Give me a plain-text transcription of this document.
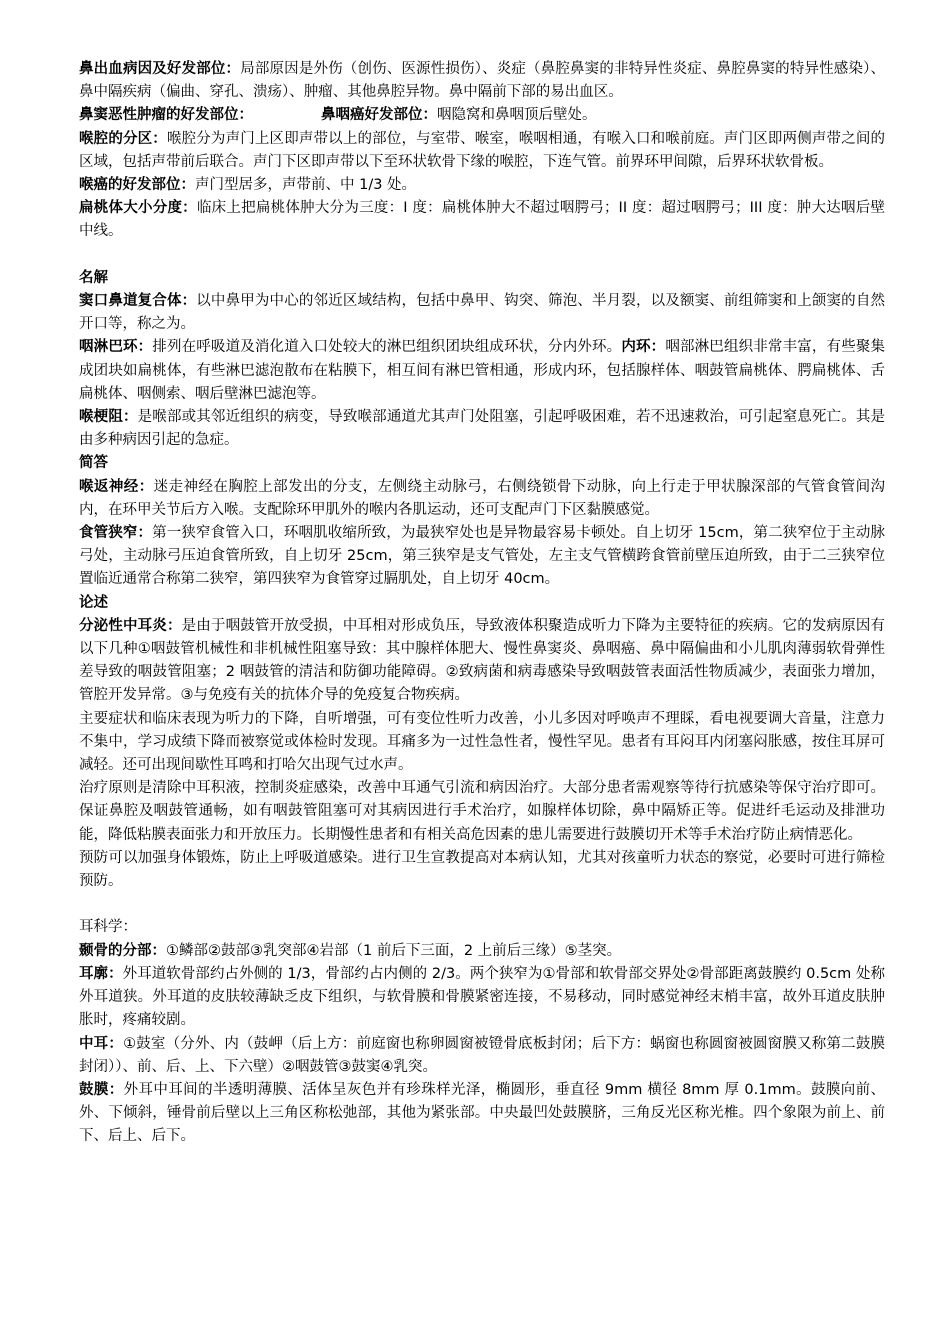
鼻出血病因及好发部位：局部原因是外伤（创伤、医源性损伤）、炎症（鼻腔鼻窦的非特异性炎症、鼻腔鼻窦的特异性感染）、鼻中隔疾病（偏曲、穿孔、溃疡）、肿瘤、其他鼻腔异物。鼻中隔前下部的易出血区。

鼻窦恶性肿瘤的好发部位：	鼻咽癌好发部位：咽隐窝和鼻咽顶后壁处。

喉腔的分区：喉腔分为声门上区即声带以上的部位，与室带、喉室，喉咽相通，有喉入口和喉前庭。声门区即两侧声带之间的区域，包括声带前后联合。声门下区即声带以下至环状软骨下缘的喉腔，下连气管。前界环甲间隙，后界环状软骨板。

喉癌的好发部位：声门型居多，声带前、中 1/3 处。

扁桃体大小分度：临床上把扁桃体肿大分为三度：I 度：扁桃体肿大不超过咽腭弓；II 度：超过咽腭弓；III 度：肿大达咽后壁中线。

名解

窦口鼻道复合体：以中鼻甲为中心的邻近区域结构，包括中鼻甲、钩突、筛泡、半月裂，以及额窦、前组筛窦和上颌窦的自然开口等，称之为。

咽淋巴环：排列在呼吸道及消化道入口处较大的淋巴组织团块组成环状，分内外环。内环：咽部淋巴组织非常丰富，有些聚集成团块如扁桃体，有些淋巴滤泡散布在粘膜下，相互间有淋巴管相通，形成内环，包括腺样体、咽鼓管扁桃体、腭扁桃体、舌扁桃体、咽侧索、咽后壁淋巴滤泡等。

喉梗阻：是喉部或其邻近组织的病变，导致喉部通道尤其声门处阻塞，引起呼吸困难，若不迅速救治，可引起窒息死亡。其是由多种病因引起的急症。

简答

喉返神经：迷走神经在胸腔上部发出的分支，左侧绕主动脉弓，右侧绕锁骨下动脉，向上行走于甲状腺深部的气管食管间沟内，在环甲关节后方入喉。支配除环甲肌外的喉内各肌运动，还可支配声门下区黏膜感觉。

食管狭窄：第一狭窄食管入口，环咽肌收缩所致，为最狭窄处也是异物最容易卡顿处。自上切牙 15cm，第二狭窄位于主动脉弓处，主动脉弓压迫食管所致，自上切牙 25cm，第三狭窄是支气管处，左主支气管横跨食管前壁压迫所致，由于二三狭窄位置临近通常合称第二狭窄，第四狭窄为食管穿过膈肌处，自上切牙 40cm。

论述

分泌性中耳炎：是由于咽鼓管开放受损，中耳相对形成负压，导致液体积聚造成听力下降为主要特征的疾病。它的发病原因有以下几种①咽鼓管机械性和非机械性阻塞导致：其中腺样体肥大、慢性鼻窦炎、鼻咽癌、鼻中隔偏曲和小儿肌肉薄弱软骨弹性差导致的咽鼓管阻塞；2 咽鼓管的清洁和防御功能障碍。②致病菌和病毒感染导致咽鼓管表面活性物质减少，表面张力增加，管腔开发异常。③与免疫有关的抗体介导的免疫复合物疾病。

主要症状和临床表现为听力的下降，自听增强，可有变位性听力改善，小儿多因对呼唤声不理睬，看电视要调大音量，注意力不集中，学习成绩下降而被察觉或体检时发现。耳痛多为一过性急性者，慢性罕见。患者有耳闷耳内闭塞闷胀感，按住耳屏可减轻。还可出现间歇性耳鸣和打哈欠出现气过水声。

治疗原则是清除中耳积液，控制炎症感染，改善中耳通气引流和病因治疗。大部分患者需观察等待行抗感染等保守治疗即可。保证鼻腔及咽鼓管通畅，如有咽鼓管阻塞可对其病因进行手术治疗，如腺样体切除，鼻中隔矫正等。促进纤毛运动及排泄功能，降低粘膜表面张力和开放压力。长期慢性患者和有相关高危因素的患儿需要进行鼓膜切开术等手术治疗防止病情恶化。

预防可以加强身体锻炼，防止上呼吸道感染。进行卫生宣教提高对本病认知，尤其对孩童听力状态的察觉，必要时可进行筛检预防。

耳科学：

颞骨的分部：①鳞部②鼓部③乳突部④岩部（1 前后下三面，2 上前后三缘）⑤茎突。

耳廓：外耳道软骨部约占外侧的 1/3，骨部约占内侧的 2/3。两个狭窄为①骨部和软骨部交界处②骨部距离鼓膜约 0.5cm 处称外耳道狭。外耳道的皮肤较薄缺乏皮下组织，与软骨膜和骨膜紧密连接，不易移动，同时感觉神经末梢丰富，故外耳道皮肤肿胀时，疼痛较剧。

中耳：①鼓室（分外、内（鼓岬（后上方：前庭窗也称卵圆窗被镫骨底板封闭；后下方：蜗窗也称圆窗被圆窗膜又称第二鼓膜封闭））、前、后、上、下六壁）②咽鼓管③鼓窦④乳突。

鼓膜：外耳中耳间的半透明薄膜、活体呈灰色并有珍珠样光泽，椭圆形，垂直径 9mm 横径 8mm 厚 0.1mm。鼓膜向前、外、下倾斜，锤骨前后壁以上三角区称松弛部，其他为紧张部。中央最凹处鼓膜脐，三角反光区称光椎。四个象限为前上、前下、后上、后下。
